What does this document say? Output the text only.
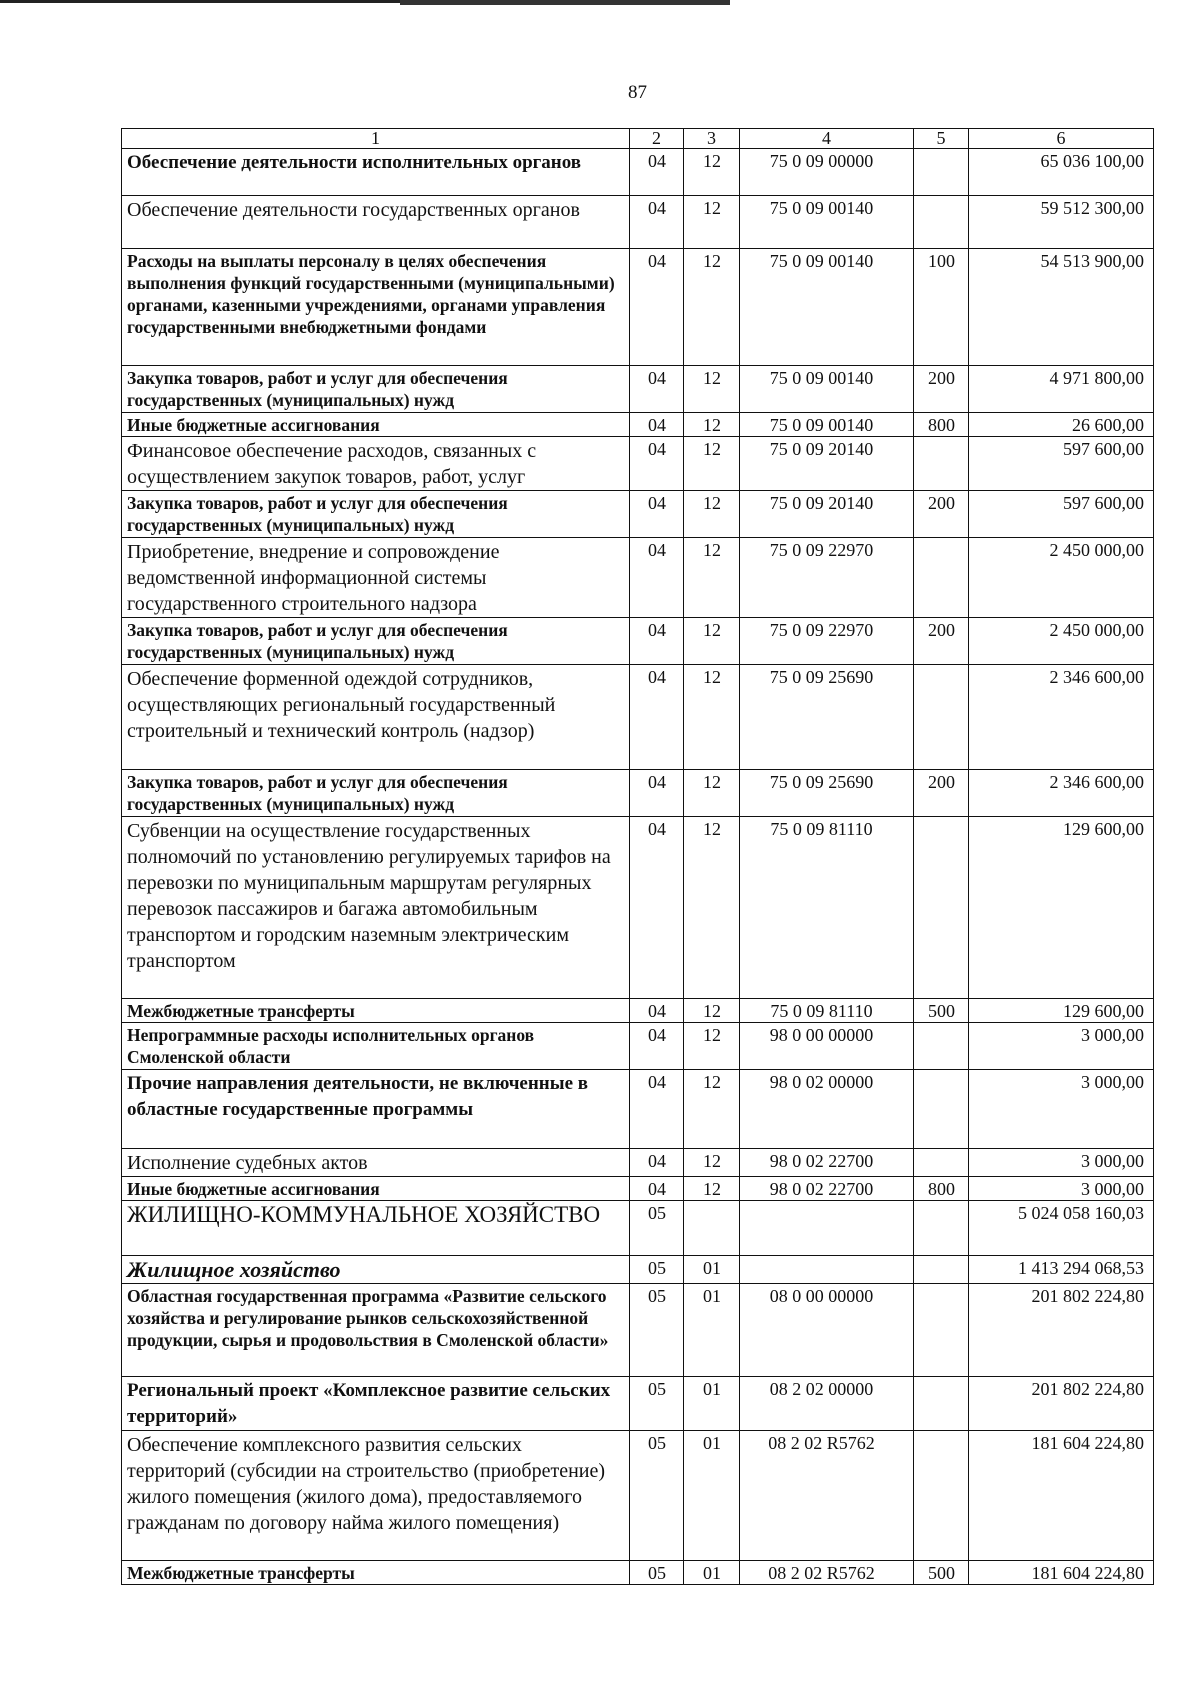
87
1	2	3	4	5	6
Обеспечение деятельности исполнительных органов	04	12	75 0 09 00000		65 036 100,00
Обеспечение деятельности государственных органов	04	12	75 0 09 00140		59 512 300,00
Расходы на выплаты персоналу в целях обеспечения выполнения функций государственными (муниципальными) органами, казенными учреждениями, органами управления государственными внебюджетными фондами	04	12	75 0 09 00140	100	54 513 900,00
Закупка товаров, работ и услуг для обеспечения государственных (муниципальных) нужд	04	12	75 0 09 00140	200	4 971 800,00
Иные бюджетные ассигнования	04	12	75 0 09 00140	800	26 600,00
Финансовое обеспечение расходов, связанных с осуществлением закупок товаров, работ, услуг	04	12	75 0 09 20140		597 600,00
Закупка товаров, работ и услуг для обеспечения государственных (муниципальных) нужд	04	12	75 0 09 20140	200	597 600,00
Приобретение, внедрение и сопровождение ведомственной информационной системы государственного строительного надзора	04	12	75 0 09 22970		2 450 000,00
Закупка товаров, работ и услуг для обеспечения государственных (муниципальных) нужд	04	12	75 0 09 22970	200	2 450 000,00
Обеспечение форменной одеждой сотрудников, осуществляющих региональный государственный строительный и технический контроль (надзор)	04	12	75 0 09 25690		2 346 600,00
Закупка товаров, работ и услуг для обеспечения государственных (муниципальных) нужд	04	12	75 0 09 25690	200	2 346 600,00
Субвенции на осуществление государственных полномочий по установлению регулируемых тарифов на перевозки по муниципальным маршрутам регулярных перевозок пассажиров и багажа автомобильным транспортом и городским наземным электрическим транспортом	04	12	75 0 09 81110		129 600,00
Межбюджетные трансферты	04	12	75 0 09 81110	500	129 600,00
Непрограммные расходы исполнительных органов Смоленской области	04	12	98 0 00 00000		3 000,00
Прочие направления деятельности, не включенные в областные государственные программы	04	12	98 0 02 00000		3 000,00
Исполнение судебных актов	04	12	98 0 02 22700		3 000,00
Иные бюджетные ассигнования	04	12	98 0 02 22700	800	3 000,00
ЖИЛИЩНО-КОММУНАЛЬНОЕ ХОЗЯЙСТВО	05				5 024 058 160,03
Жилищное хозяйство	05	01			1 413 294 068,53
Областная государственная программа «Развитие сельского хозяйства и регулирование рынков сельскохозяйственной продукции, сырья и продовольствия в Смоленской области»	05	01	08 0 00 00000		201 802 224,80
Региональный проект «Комплексное развитие сельских территорий»	05	01	08 2 02 00000		201 802 224,80
Обеспечение комплексного развития сельских территорий (субсидии на строительство (приобретение) жилого помещения (жилого дома), предоставляемого гражданам по договору найма жилого помещения)	05	01	08 2 02 R5762		181 604 224,80
Межбюджетные трансферты	05	01	08 2 02 R5762	500	181 604 224,80
